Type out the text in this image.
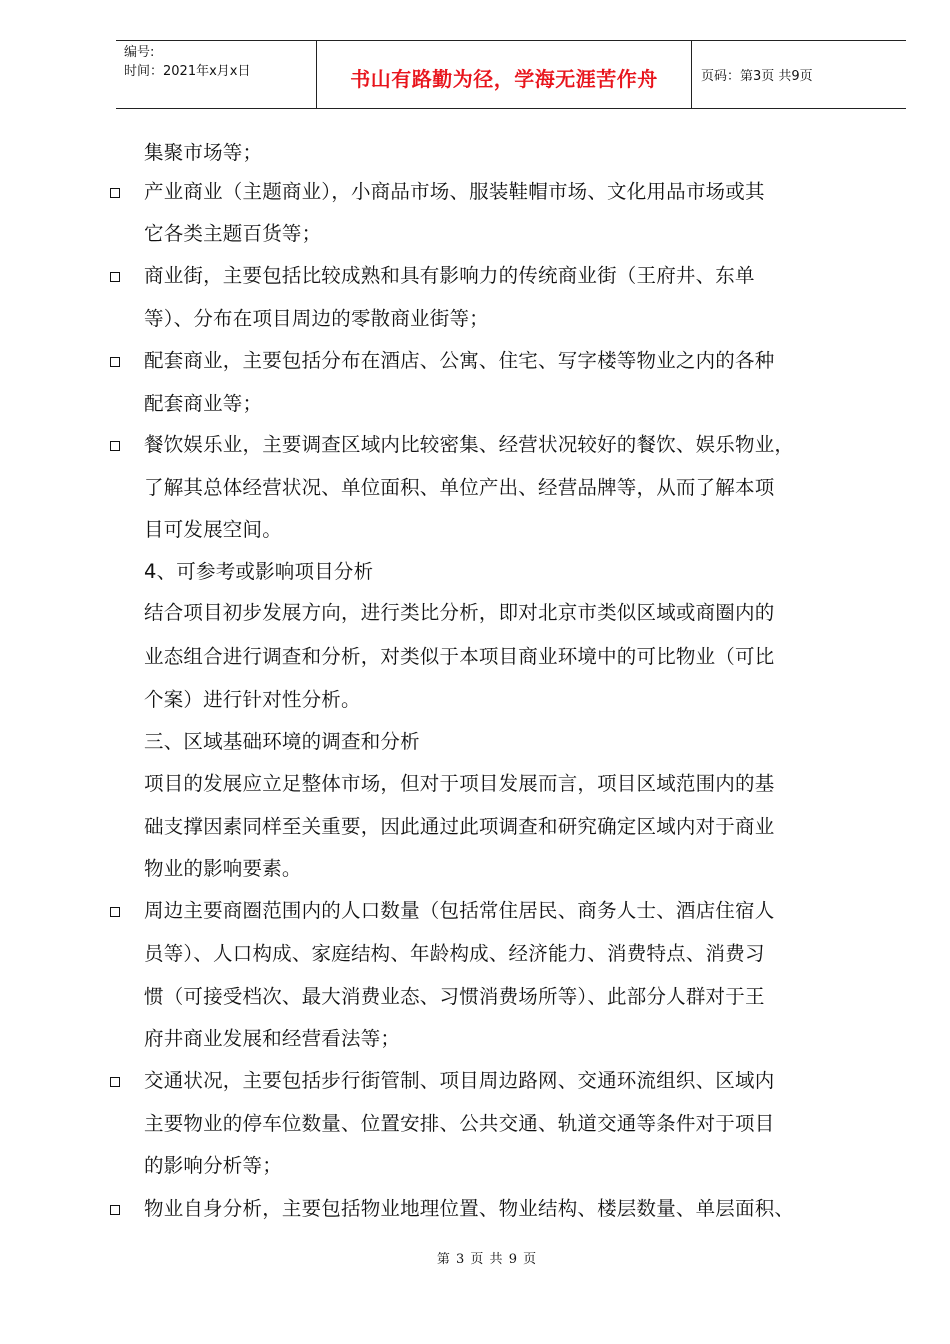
编号:
时间：2021年x月x日	书山有路勤为径，学海无涯苦作舟	页码：第3页 共9页
集聚市场等；
产业商业（主题商业），小商品市场、服装鞋帽市场、文化用品市场或其
它各类主题百货等；
商业街，主要包括比较成熟和具有影响力的传统商业街（王府井、东单
等）、分布在项目周边的零散商业街等；
配套商业，主要包括分布在酒店、公寓、住宅、写字楼等物业之内的各种
配套商业等；
餐饮娱乐业，主要调查区域内比较密集、经营状况较好的餐饮、娱乐物业，
了解其总体经营状况、单位面积、单位产出、经营品牌等，从而了解本项
目可发展空间。
4、可参考或影响项目分析
结合项目初步发展方向，进行类比分析，即对北京市类似区域或商圈内的
业态组合进行调查和分析，对类似于本项目商业环境中的可比物业（可比
个案）进行针对性分析。
三、区域基础环境的调查和分析
项目的发展应立足整体市场，但对于项目发展而言，项目区域范围内的基
础支撑因素同样至关重要，因此通过此项调查和研究确定区域内对于商业
物业的影响要素。
周边主要商圈范围内的人口数量（包括常住居民、商务人士、酒店住宿人
员等）、人口构成、家庭结构、年龄构成、经济能力、消费特点、消费习
惯（可接受档次、最大消费业态、习惯消费场所等）、此部分人群对于王
府井商业发展和经营看法等；
交通状况，主要包括步行街管制、项目周边路网、交通环流组织、区域内
主要物业的停车位数量、位置安排、公共交通、轨道交通等条件对于项目
的影响分析等；
物业自身分析，主要包括物业地理位置、物业结构、楼层数量、单层面积、
第 3 页 共 9 页
